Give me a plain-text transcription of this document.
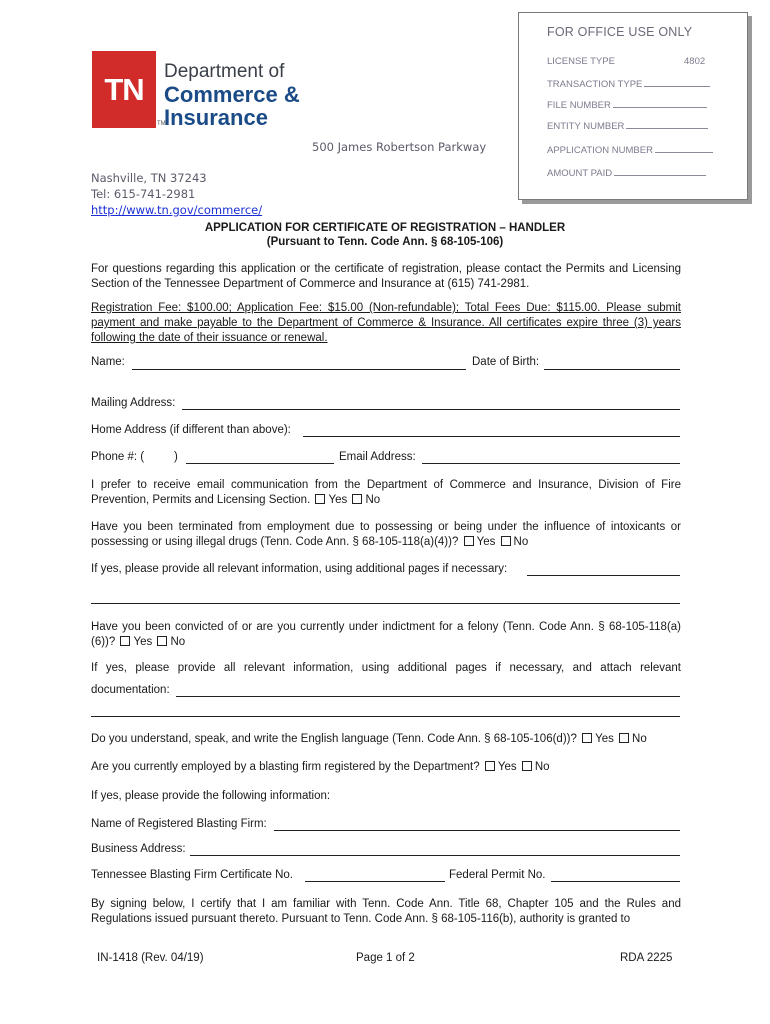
FOR OFFICE USE ONLY
LICENSE TYPE	4802
TRANSACTION TYPE
FILE NUMBER
ENTITY NUMBER
APPLICATION NUMBER
AMOUNT PAID
TN
Department of
Commerce &
Insurance
TM
500 James Robertson Parkway
Nashville, TN 37243
Tel: 615-741-2981
http://www.tn.gov/commerce/
APPLICATION FOR CERTIFICATE OF REGISTRATION – HANDLER
(Pursuant to Tenn. Code Ann. § 68-105-106)
For questions regarding this application or the certificate of registration, please contact the Permits and Licensing Section of the Tennessee Department of Commerce and Insurance at (615) 741-2981.
Registration Fee: $100.00; Application Fee: $15.00 (Non-refundable); Total Fees Due: $115.00. Please submit payment and make payable to the Department of Commerce & Insurance. All certificates expire three (3) years following the date of their issuance or renewal.
Name:	Date of Birth:
Mailing Address:
Home Address (if different than above):
Phone #: (	)	Email Address:
I prefer to receive email communication from the Department of Commerce and Insurance, Division of Fire Prevention, Permits and Licensing Section. Yes No
Have you been terminated from employment due to possessing or being under the influence of intoxicants or possessing or using illegal drugs (Tenn. Code Ann. § 68-105-118(a)(4))? Yes No
If yes, please provide all relevant information, using additional pages if necessary:
Have you been convicted of or are you currently under indictment for a felony (Tenn. Code Ann. § 68-105-118(a)(6))? Yes No
If yes, please provide all relevant information, using additional pages if necessary, and attach relevant
documentation:
Do you understand, speak, and write the English language (Tenn. Code Ann. § 68-105-106(d))? Yes No
Are you currently employed by a blasting firm registered by the Department? Yes No
If yes, please provide the following information:
Name of Registered Blasting Firm:
Business Address:
Tennessee Blasting Firm Certificate No.	Federal Permit No.
By signing below, I certify that I am familiar with Tenn. Code Ann. Title 68, Chapter 105 and the Rules and Regulations issued pursuant thereto. Pursuant to Tenn. Code Ann. § 68-105-116(b), authority is granted to
IN-1418 (Rev. 04/19)	Page 1 of 2	RDA 2225
